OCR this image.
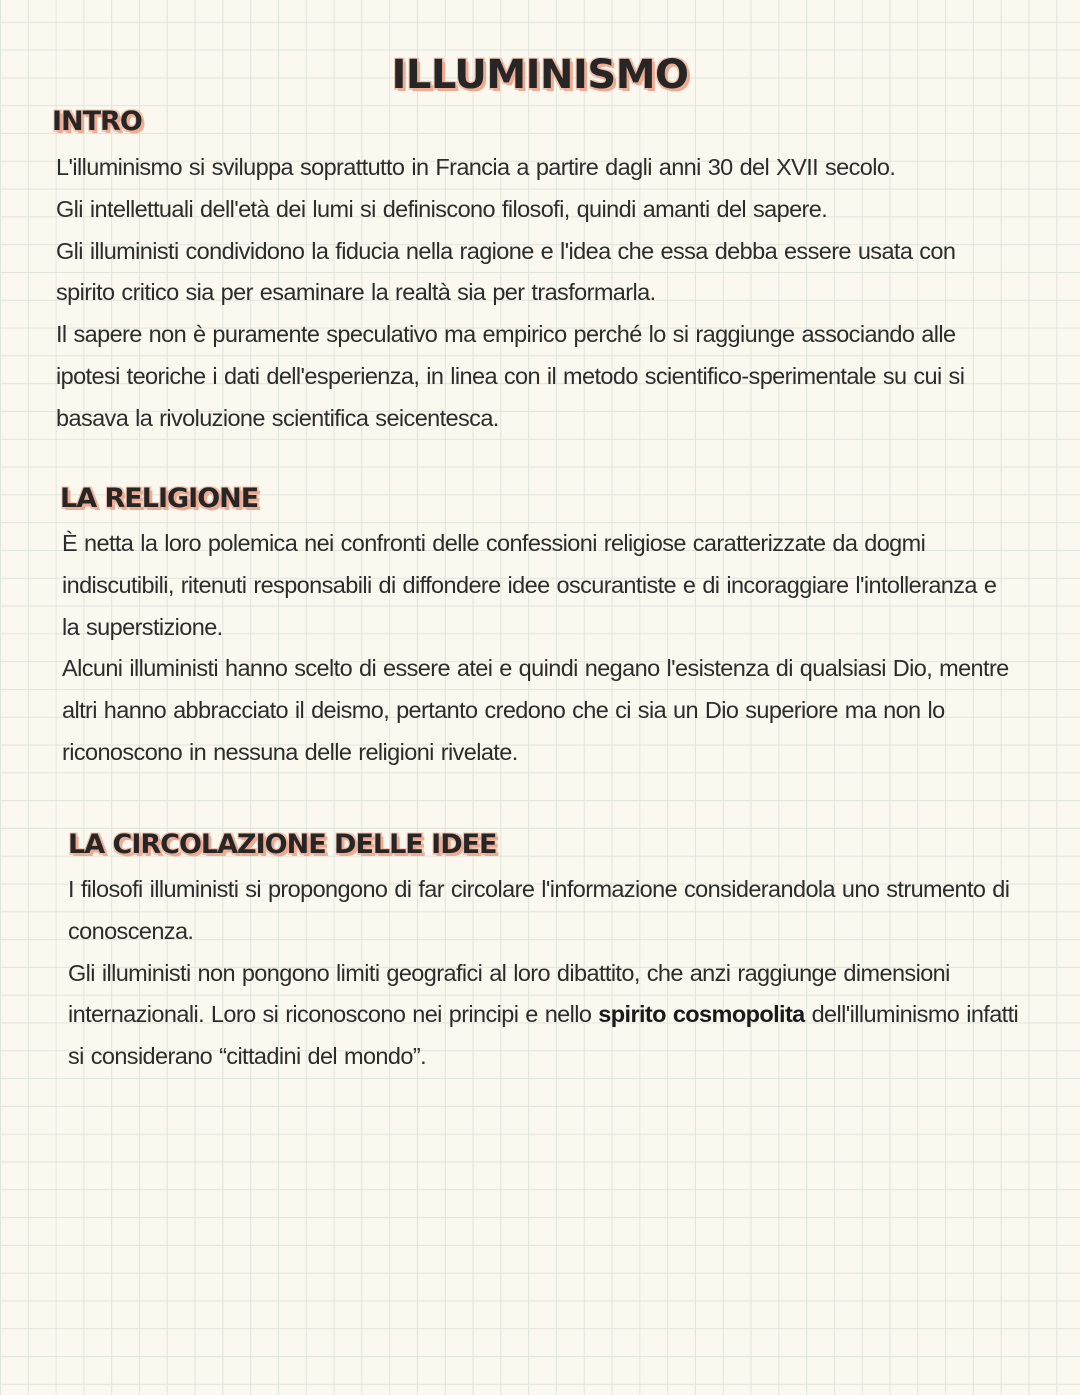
ILLUMINISMO
INTRO

L'illuminismo si sviluppa soprattutto in Francia a partire dagli anni 30 del XVII secolo.

Gli intellettuali dell'età dei lumi si definiscono filosofi, quindi amanti del sapere.

Gli illuministi condividono la fiducia nella ragione e l'idea che essa debba essere usata con

spirito critico sia per esaminare la realtà sia per trasformarla.

Il sapere non è puramente speculativo ma empirico perché lo si raggiunge associando alle

ipotesi teoriche i dati dell'esperienza, in linea con il metodo scientifico-sperimentale su cui si

basava la rivoluzione scientifica seicentesca.

LA RELIGIONE

È netta la loro polemica nei confronti delle confessioni religiose caratterizzate da dogmi

indiscutibili, ritenuti responsabili di diffondere idee oscurantiste e di incoraggiare l'intolleranza e

la superstizione.

Alcuni illuministi hanno scelto di essere atei e quindi negano l'esistenza di qualsiasi Dio, mentre

altri hanno abbracciato il deismo, pertanto credono che ci sia un Dio superiore ma non lo

riconoscono in nessuna delle religioni rivelate.

LA CIRCOLAZIONE DELLE IDEE

I filosofi illuministi si propongono di far circolare l'informazione considerandola uno strumento di

conoscenza.

Gli illuministi non pongono limiti geografici al loro dibattito, che anzi raggiunge dimensioni

internazionali. Loro si riconoscono nei principi e nello spirito cosmopolita dell'illuminismo infatti

si considerano “cittadini del mondo”.
